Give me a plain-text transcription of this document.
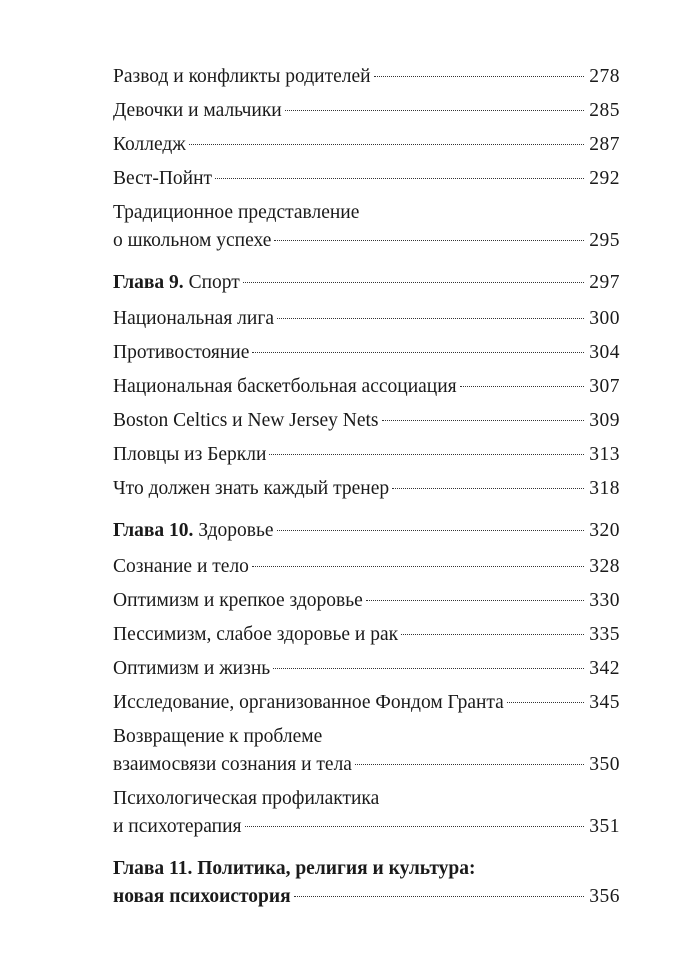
Развод и конфликты родителей	278
Девочки и мальчики	285
Колледж	287
Вест-Пойнт	292
Традиционное представление
о школьном успехе	295
Глава 9. Спорт	297
Национальная лига	300
Противостояние	304
Национальная баскетбольная ассоциация	307
Boston Celtics и New Jersey Nets	309
Пловцы из Беркли	313
Что должен знать каждый тренер	318
Глава 10. Здоровье	320
Сознание и тело	328
Оптимизм и крепкое здоровье	330
Пессимизм, слабое здоровье и рак	335
Оптимизм и жизнь	342
Исследование, организованное Фондом Гранта	345
Возвращение к проблеме
взаимосвязи сознания и тела	350
Психологическая профилактика
и психотерапия	351
Глава 11. Политика, религия и культура:
новая психоистория	356
